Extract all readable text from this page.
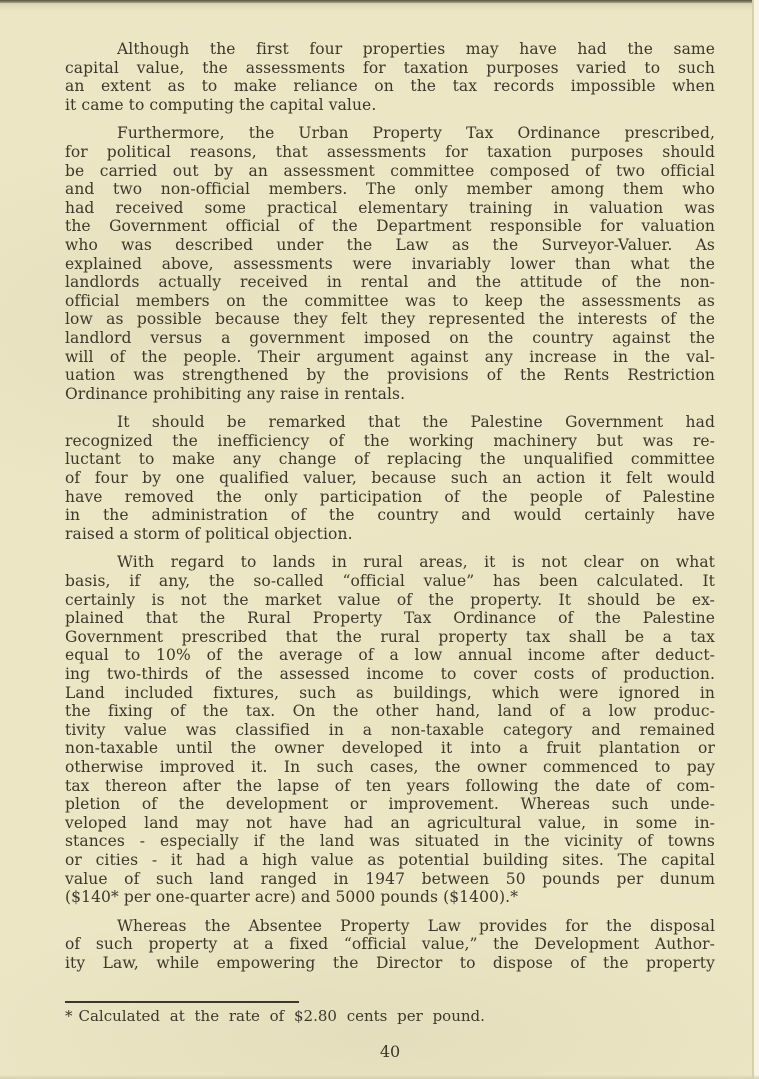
Although the first four properties may have had the same
capital value, the assessments for taxation purposes varied to such
an extent as to make reliance on the tax records impossible when
it came to computing the capital value.
Furthermore, the Urban Property Tax Ordinance prescribed,
for political reasons, that assessments for taxation purposes should
be carried out by an assessment committee composed of two official
and two non-official members. The only member among them who
had received some practical elementary training in valuation was
the Government official of the Department responsible for valuation
who was described under the Law as the Surveyor-Valuer. As
explained above, assessments were invariably lower than what the
landlords actually received in rental and the attitude of the non-
official members on the committee was to keep the assessments as
low as possible because they felt they represented the interests of the
landlord versus a government imposed on the country against the
will of the people. Their argument against any increase in the val-
uation was strengthened by the provisions of the Rents Restriction
Ordinance prohibiting any raise in rentals.
It should be remarked that the Palestine Government had
recognized the inefficiency of the working machinery but was re-
luctant to make any change of replacing the unqualified committee
of four by one qualified valuer, because such an action it felt would
have removed the only participation of the people of Palestine
in the administration of the country and would certainly have
raised a storm of political objection.
With regard to lands in rural areas, it is not clear on what
basis, if any, the so-called “official value” has been calculated. It
certainly is not the market value of the property. It should be ex-
plained that the Rural Property Tax Ordinance of the Palestine
Government prescribed that the rural property tax shall be a tax
equal to 10% of the average of a low annual income after deduct-
ing two-thirds of the assessed income to cover costs of production.
Land included fixtures, such as buildings, which were ignored in
the fixing of the tax. On the other hand, land of a low produc-
tivity value was classified in a non-taxable category and remained
non-taxable until the owner developed it into a fruit plantation or
otherwise improved it. In such cases, the owner commenced to pay
tax thereon after the lapse of ten years following the date of com-
pletion of the development or improvement. Whereas such unde-
veloped land may not have had an agricultural value, in some in-
stances - especially if the land was situated in the vicinity of towns
or cities - it had a high value as potential building sites. The capital
value of such land ranged in 1947 between 50 pounds per dunum
($140* per one-quarter acre) and 5000 pounds ($1400).*
Whereas the Absentee Property Law provides for the disposal
of such property at a fixed “official value,” the Development Author-
ity Law, while empowering the Director to dispose of the property
* Calculated at the rate of $2.80 cents per pound.
40
